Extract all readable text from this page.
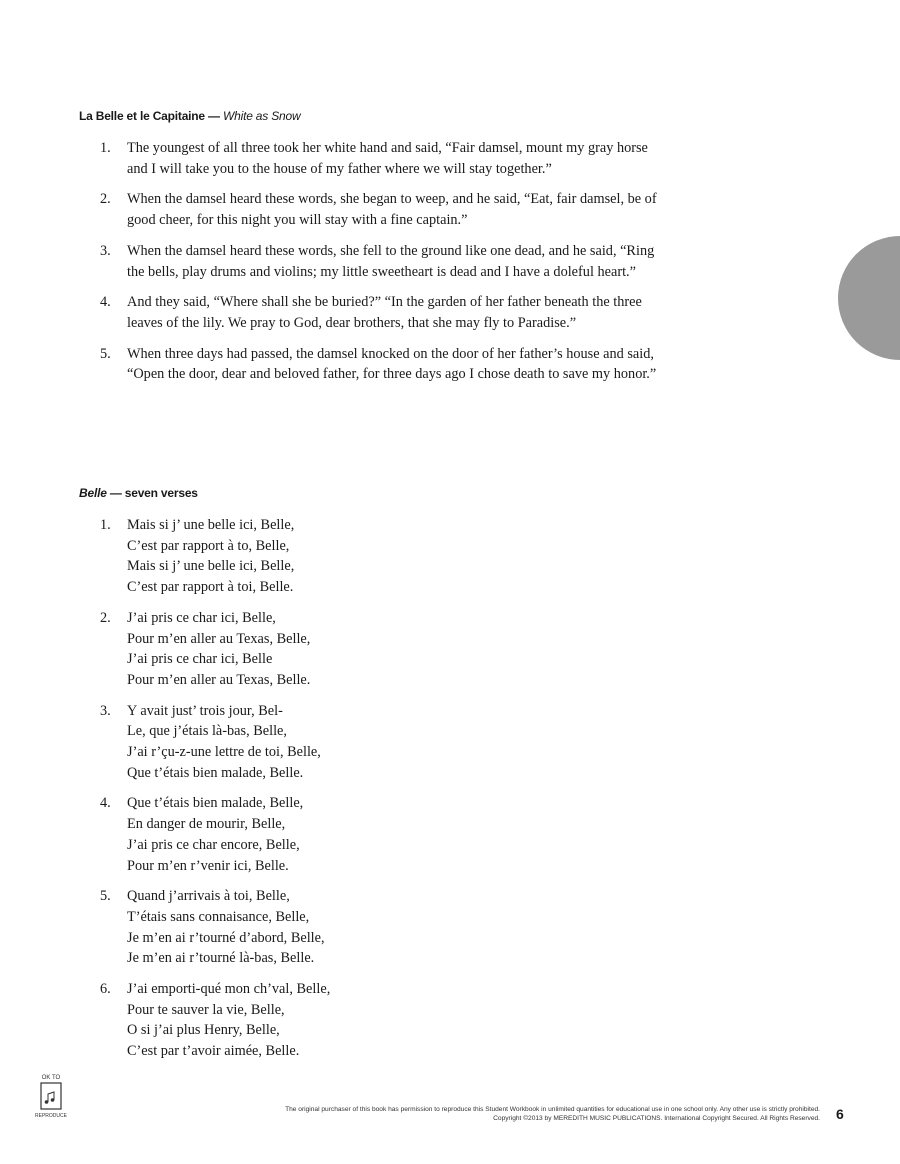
La Belle et le Capitaine — White as Snow
1.	The youngest of all three took her white hand and said, “Fair damsel, mount my gray horse and I will take you to the house of my father where we will stay together.”
2.	When the damsel heard these words, she began to weep, and he said, “Eat, fair damsel, be of good cheer, for this night you will stay with a fine captain.”
3.	When the damsel heard these words, she fell to the ground like one dead, and he said, “Ring the bells, play drums and violins; my little sweetheart is dead and I have a doleful heart.”
4.	And they said, “Where shall she be buried?” “In the garden of her father beneath the three leaves of the lily. We pray to God, dear brothers, that she may fly to Paradise.”
5.	When three days had passed, the damsel knocked on the door of her father’s house and said, “Open the door, dear and beloved father, for three days ago I chose death to save my honor.”
Belle — seven verses
1.	Mais si j’ une belle ici, Belle,
C’est par rapport à to, Belle,
Mais si j’ une belle ici, Belle,
C’est par rapport à toi, Belle.
2.	J’ai pris ce char ici, Belle,
Pour m’en aller au Texas, Belle,
J’ai pris ce char ici, Belle
Pour m’en aller au Texas, Belle.
3.	Y avait just’ trois jour, Bel-
Le, que j’étais là-bas, Belle,
J’ai r’çu-z-une lettre de toi, Belle,
Que t’étais bien malade, Belle.
4.	Que t’étais bien malade, Belle,
En danger de mourir, Belle,
J’ai pris ce char encore, Belle,
Pour m’en r’venir ici, Belle.
5.	Quand j’arrivais à toi, Belle,
T’étais sans connaisance, Belle,
Je m’en ai r’tourné d’abord, Belle,
Je m’en ai r’tourné là-bas, Belle.
6.	J’ai emporti-qué mon ch’val, Belle,
Pour te sauver la vie, Belle,
O si j’ai plus Henry, Belle,
C’est par t’avoir aimée, Belle.
OK TO
REPRODUCE
The original purchaser of this book has permission to reproduce this Student Workbook in unlimited quantities for educational use in one school only. Any other use is strictly prohibited.
Copyright ©2013 by MEREDITH MUSIC PUBLICATIONS. International Copyright Secured. All Rights Reserved. 6
